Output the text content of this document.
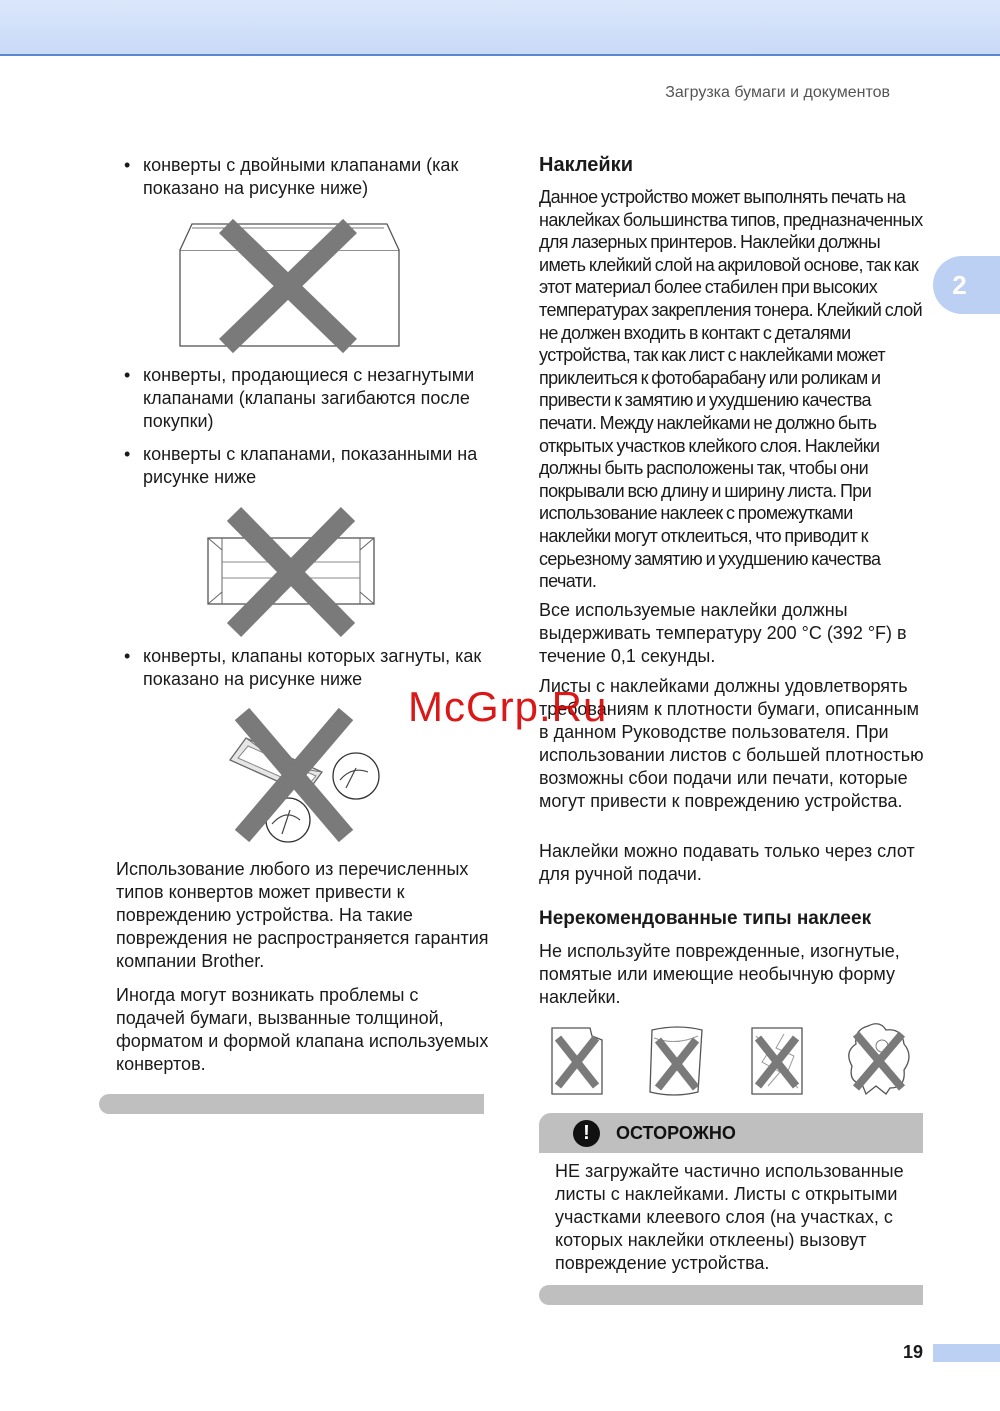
Загрузка бумаги и документов
2
• конверты с двойными клапанами (как показано на рисунке ниже)
• конверты, продающиеся с незагнутыми клапанами (клапаны загибаются после покупки)
• конверты с клапанами, показанными на рисунке ниже
• конверты, клапаны которых загнуты, как показано на рисунке ниже
Использование любого из перечисленных типов конвертов может привести к повреждению устройства. На такие повреждения не распространяется гарантия компании Brother.
Иногда могут возникать проблемы с подачей бумаги, вызванные толщиной, форматом и формой клапана используемых конвертов.
Наклейки
Данное устройство может выполнять печать на наклейках большинства типов, предназначенных для лазерных принтеров. Наклейки должны иметь клейкий слой на акриловой основе, так как этот материал более стабилен при высоких температурах закрепления тонера. Клейкий слой не должен входить в контакт с деталями устройства, так как лист с наклейками может приклеиться к фотобарабану или роликам и привести к замятию и ухудшению качества печати. Между наклейками не должно быть открытых участков клейкого слоя. Наклейки должны быть расположены так, чтобы они покрывали всю длину и ширину листа. При использование наклеек с промежутками наклейки могут отклеиться, что приводит к серьезному замятию и ухудшению качества печати.
Все используемые наклейки должны выдерживать температуру 200 °C (392 °F) в течение 0,1 секунды.
Листы с наклейками должны удовлетворять требованиям к плотности бумаги, описанным в данном Руководстве пользователя. При использовании листов с большей плотностью возможны сбои подачи или печати, которые могут привести к повреждению устройства.
Наклейки можно подавать только через слот для ручной подачи.
Нерекомендованные типы наклеек
Не используйте поврежденные, изогнутые, помятые или имеющие необычную форму наклейки.
!	ОСТОРОЖНО
НЕ загружайте частично использованные листы с наклейками. Листы с открытыми участками клеевого слоя (на участках, с которых наклейки отклеены) вызовут повреждение устройства.
McGrp.Ru
19
